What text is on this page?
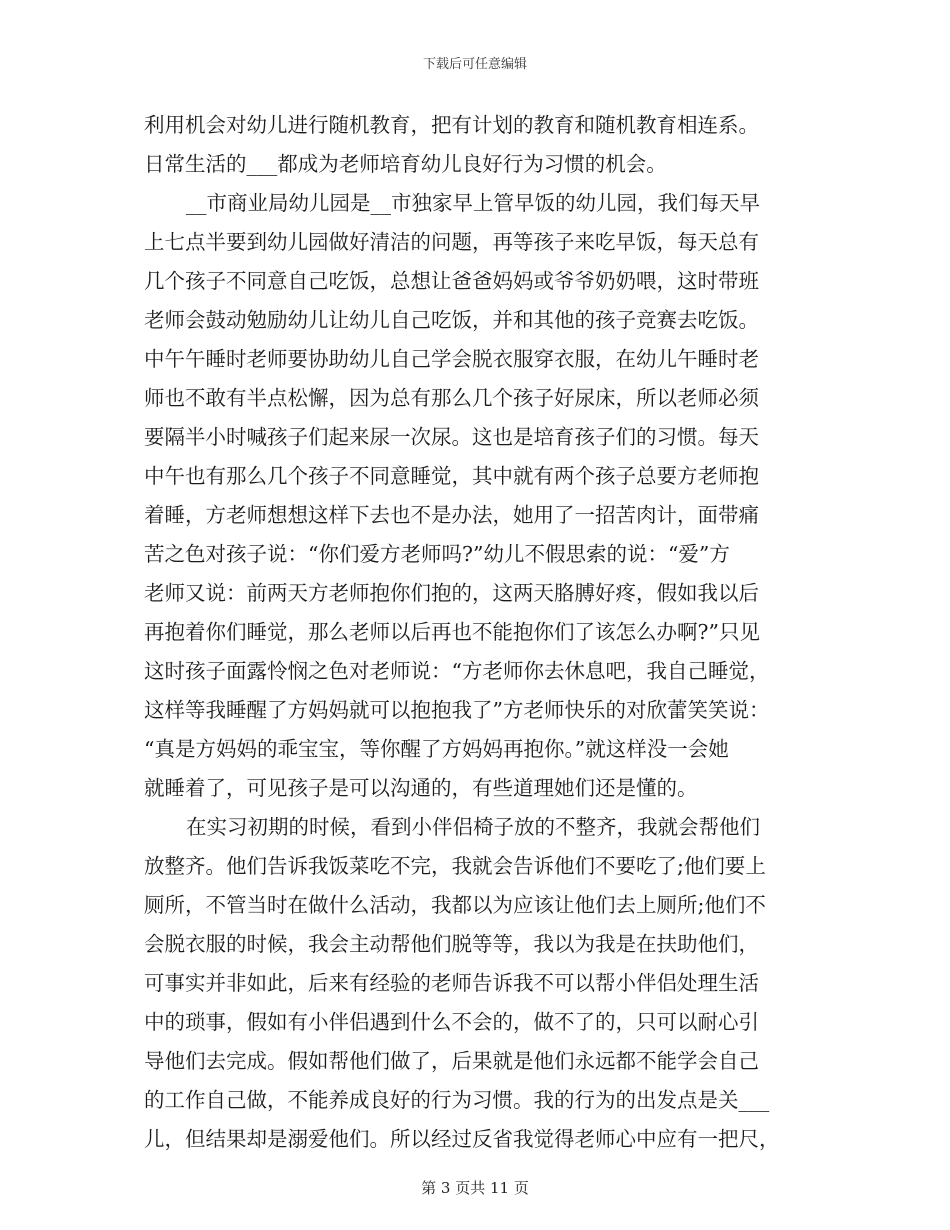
下载后可任意编辑
利用机会对幼儿进行随机教育，把有计划的教育和随机教育相连系。
日常生活的___都成为老师培育幼儿良好行为习惯的机会。
__市商业局幼儿园是__市独家早上管早饭的幼儿园，我们每天早
上七点半要到幼儿园做好清洁的问题，再等孩子来吃早饭，每天总有
几个孩子不同意自己吃饭，总想让爸爸妈妈或爷爷奶奶喂，这时带班
老师会鼓动勉励幼儿让幼儿自己吃饭，并和其他的孩子竞赛去吃饭。
中午午睡时老师要协助幼儿自己学会脱衣服穿衣服，在幼儿午睡时老
师也不敢有半点松懈，因为总有那么几个孩子好尿床，所以老师必须
要隔半小时喊孩子们起来尿一次尿。这也是培育孩子们的习惯。每天
中午也有那么几个孩子不同意睡觉，其中就有两个孩子总要方老师抱
着睡，方老师想想这样下去也不是办法，她用了一招苦肉计，面带痛
苦之色对孩子说：“你们爱方老师吗?”幼儿不假思索的说：“爱”方
老师又说：前两天方老师抱你们抱的，这两天胳膊好疼，假如我以后
再抱着你们睡觉，那么老师以后再也不能抱你们了该怎么办啊?”只见
这时孩子面露怜悯之色对老师说：“方老师你去休息吧，我自己睡觉，
这样等我睡醒了方妈妈就可以抱抱我了”方老师快乐的对欣蕾笑笑说：
“真是方妈妈的乖宝宝，等你醒了方妈妈再抱你。”就这样没一会她
就睡着了，可见孩子是可以沟通的，有些道理她们还是懂的。
在实习初期的时候，看到小伴侣椅子放的不整齐，我就会帮他们
放整齐。他们告诉我饭菜吃不完，我就会告诉他们不要吃了;他们要上
厕所，不管当时在做什么活动，我都以为应该让他们去上厕所;他们不
会脱衣服的时候，我会主动帮他们脱等等，我以为我是在扶助他们，
可事实并非如此，后来有经验的老师告诉我不可以帮小伴侣处理生活
中的琐事，假如有小伴侣遇到什么不会的，做不了的，只可以耐心引
导他们去完成。假如帮他们做了，后果就是他们永远都不能学会自己
的工作自己做，不能养成良好的行为习惯。我的行为的出发点是关___
儿，但结果却是溺爱他们。所以经过反省我觉得老师心中应有一把尺，
第 3 页共 11 页
